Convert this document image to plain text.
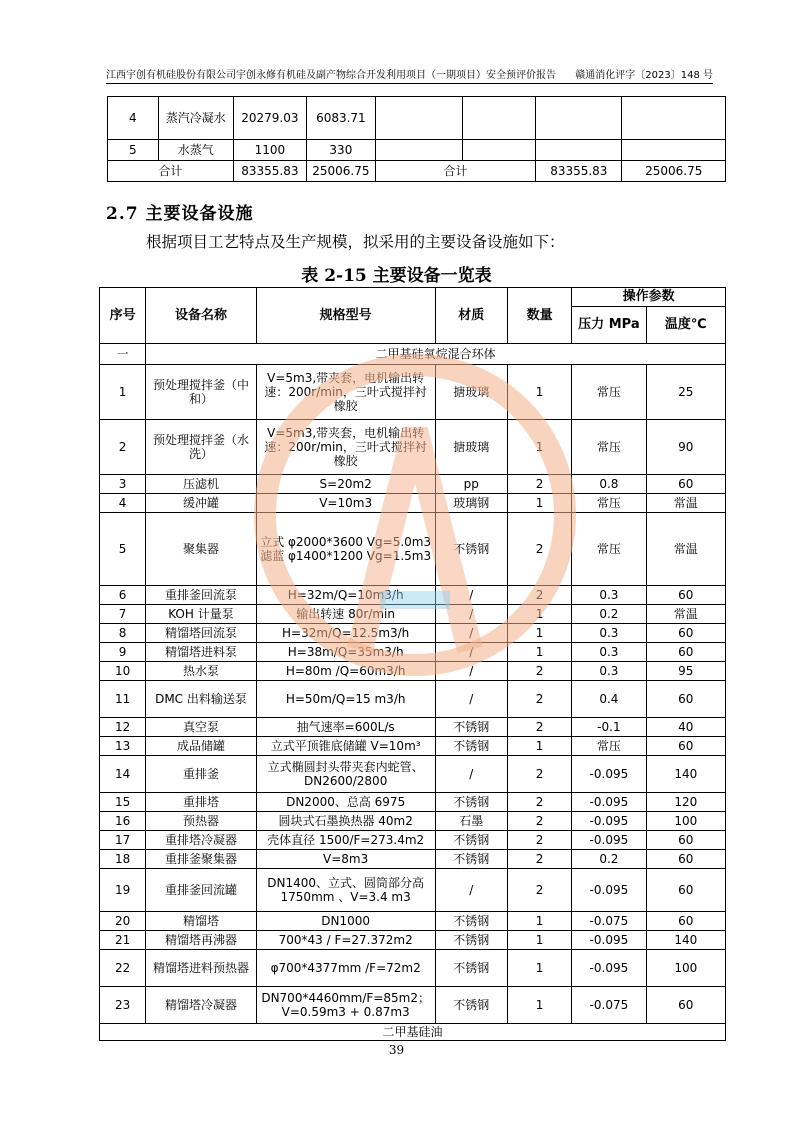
江西宇创有机硅股份有限公司宇创永修有机硅及副产物综合开发利用项目（一期项目）安全预评价报告 赣通消化评字〔2023〕148 号
4	蒸汽冷凝水	20279.03	6083.71				
5	水蒸气	1100	330				
合计		83355.83	25006.75	合计		83355.83	25006.75
2.7 主要设备设施
根据项目工艺特点及生产规模，拟采用的主要设备设施如下：
表 2-15 主要设备一览表
序号	设备名称	规格型号	材质	数量	操作参数	
					压力 MPa	温度℃
一	二甲基硅氧烷混合环体					
1	预处理搅拌釜（中和）	V=5m3,带夹套，电机输出转速：200r/min，三叶式搅拌衬橡胶	搪玻璃	1	常压	25
2	预处理搅拌釜（水洗）	V=5m3,带夹套，电机输出转速：200r/min，三叶式搅拌衬橡胶	搪玻璃	1	常压	90
3	压滤机	S=20m2	pp	2	0.8	60
4	缓冲罐	V=10m3	玻璃钢	1	常压	常温
5	聚集器	立式 φ2000*3600 Vg=5.0m3 滤蓝 φ1400*1200 Vg=1.5m3	不锈钢	2	常压	常温
6	重排釜回流泵	H=32m/Q=10m3/h	/	2	0.3	60
7	KOH 计量泵	输出转速 80r/min	/	1	0.2	常温
8	精馏塔回流泵	H=32m/Q=12.5m3/h	/	1	0.3	60
9	精馏塔进料泵	H=38m/Q=35m3/h	/	1	0.3	60
10	热水泵	H=80m /Q=60m3/h	/	2	0.3	95
11	DMC 出料输送泵	H=50m/Q=15 m3/h	/	2	0.4	60
12	真空泵	抽气速率=600L/s	不锈钢	2	-0.1	40
13	成品储罐	立式平顶锥底储罐 V=10m³	不锈钢	1	常压	60
14	重排釜	立式椭圆封头带夹套内蛇管、DN2600/2800	/	2	-0.095	140
15	重排塔	DN2000、总高 6975	不锈钢	2	-0.095	120
16	预热器	圆块式石墨换热器 40m2	石墨	2	-0.095	100
17	重排塔冷凝器	壳体直径 1500/F=273.4m2	不锈钢	2	-0.095	60
18	重排釜聚集器	V=8m3	不锈钢	2	0.2	60
19	重排釜回流罐	DN1400、立式、圆筒部分高 1750mm 、V=3.4 m3	/	2	-0.095	60
20	精馏塔	DN1000	不锈钢	1	-0.075	60
21	精馏塔再沸器	700*43 / F=27.372m2	不锈钢	1	-0.095	140
22	精馏塔进料预热器	φ700*4377mm /F=72m2	不锈钢	1	-0.095	100
23	精馏塔冷凝器	DN700*4460mm/F=85m2；V=0.59m3 + 0.87m3	不锈钢	1	-0.075	60
二甲基硅油						
39
